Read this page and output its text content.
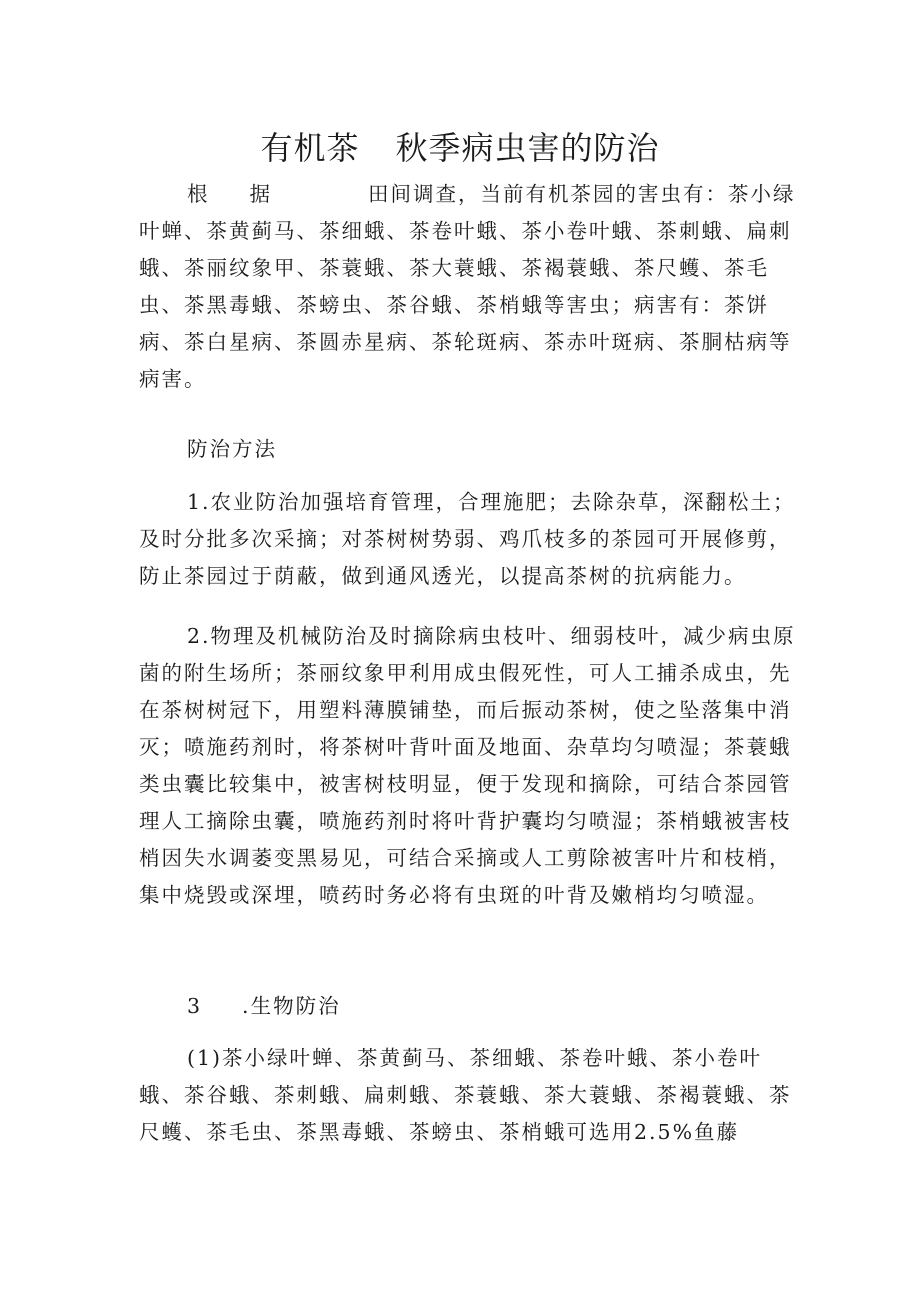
有机茶 秋季病虫害的防治

根 据	田间调查，当前有机茶园的害虫有：茶小绿叶蝉、茶黄蓟马、茶细蛾、茶卷叶蛾、茶小卷叶蛾、茶刺蛾、扁刺蛾、茶丽纹象甲、茶蓑蛾、茶大蓑蛾、茶褐蓑蛾、茶尺蠖、茶毛虫、茶黑毒蛾、茶螃虫、茶谷蛾、茶梢蛾等害虫；病害有：茶饼病、茶白星病、茶圆赤星病、茶轮斑病、茶赤叶斑病、茶胴枯病等病害。

防治方法

1.农业防治加强培育管理，合理施肥；去除杂草，深翻松土；及时分批多次采摘；对茶树树势弱、鸡爪枝多的茶园可开展修剪，防止茶园过于荫蔽，做到通风透光，以提高茶树的抗病能力。

2.物理及机械防治及时摘除病虫枝叶、细弱枝叶，减少病虫原菌的附生场所；茶丽纹象甲利用成虫假死性，可人工捕杀成虫，先在茶树树冠下，用塑料薄膜铺垫，而后振动茶树，使之坠落集中消灭；喷施药剂时，将茶树叶背叶面及地面、杂草均匀喷湿；茶蓑蛾类虫囊比较集中，被害树枝明显，便于发现和摘除，可结合茶园管理人工摘除虫囊，喷施药剂时将叶背护囊均匀喷湿；茶梢蛾被害枝梢因失水调萎变黑易见，可结合采摘或人工剪除被害叶片和枝梢，集中烧毁或深埋，喷药时务必将有虫斑的叶背及嫩梢均匀喷湿。

3 .生物防治

(1)茶小绿叶蝉、茶黄蓟马、茶细蛾、茶卷叶蛾、茶小卷叶蛾、茶谷蛾、茶刺蛾、扁刺蛾、茶蓑蛾、茶大蓑蛾、茶褐蓑蛾、茶尺蠖、茶毛虫、茶黑毒蛾、茶螃虫、茶梢蛾可选用2.5%鱼藤
